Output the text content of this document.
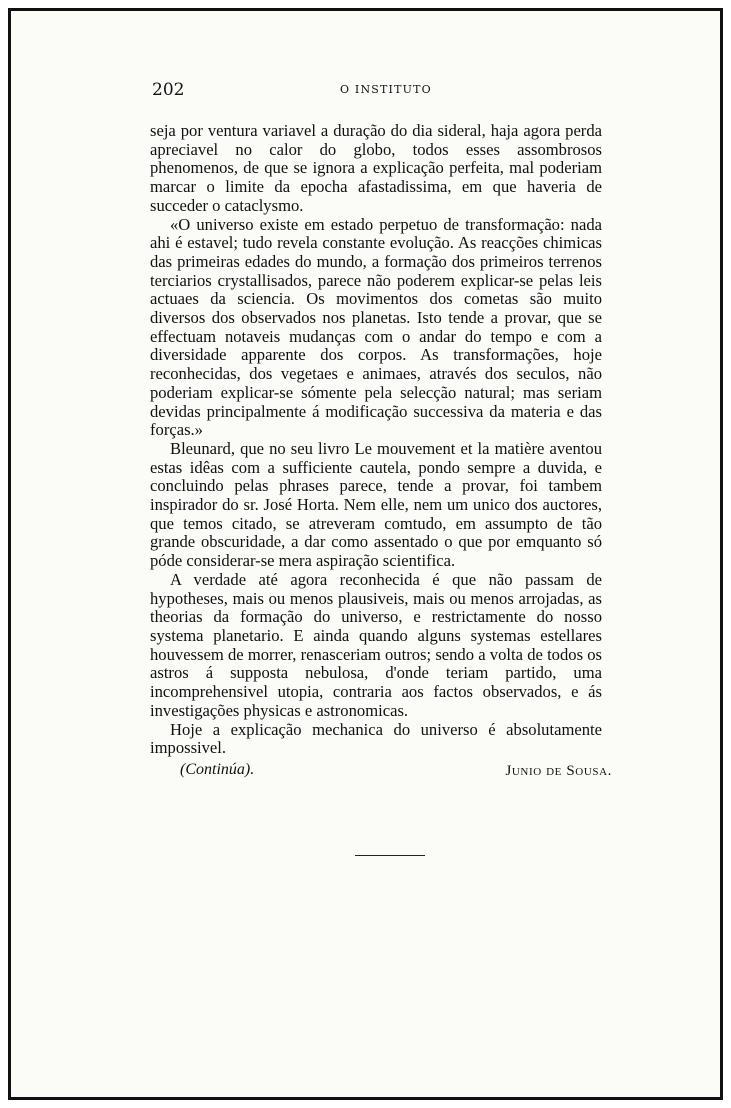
202	O INSTITUTO

seja por ventura variavel a duração do dia sideral, haja agora perda apreciavel no calor do globo, todos esses assombrosos phenomenos, de que se ignora a explicação perfeita, mal poderiam marcar o limite da epocha afastadissima, em que haveria de succeder o cataclysmo.

«O universo existe em estado perpetuo de transformação: nada ahi é estavel; tudo revela constante evolução. As reacções chimicas das primeiras edades do mundo, a formação dos primeiros terrenos terciarios crystallisados, parece não poderem explicar-se pelas leis actuaes da sciencia. Os movimentos dos cometas são muito diversos dos observados nos planetas. Isto tende a provar, que se effectuam notaveis mudanças com o andar do tempo e com a diversidade apparente dos corpos. As transformações, hoje reconhecidas, dos vegetaes e animaes, através dos seculos, não poderiam explicar-se sómente pela selecção natural; mas seriam devidas principalmente á modificação successiva da materia e das forças.»

Bleunard, que no seu livro Le mouvement et la matière aventou estas idêas com a sufficiente cautela, pondo sempre a duvida, e concluindo pelas phrases parece, tende a provar, foi tambem inspirador do sr. José Horta. Nem elle, nem um unico dos auctores, que temos citado, se atreveram comtudo, em assumpto de tão grande obscuridade, a dar como assentado o que por emquanto só póde considerar-se mera aspiração scientifica.

A verdade até agora reconhecida é que não passam de hypotheses, mais ou menos plausiveis, mais ou menos arrojadas, as theorias da formação do universo, e restrictamente do nosso systema planetario. E ainda quando alguns systemas estellares houvessem de morrer, renasceriam outros; sendo a volta de todos os astros á supposta nebulosa, d'onde teriam partido, uma incomprehensivel utopia, contraria aos factos observados, e ás investigações physicas e astronomicas.

Hoje a explicação mechanica do universo é absolutamente impossivel.

(Continúa).	Junio de Sousa.
